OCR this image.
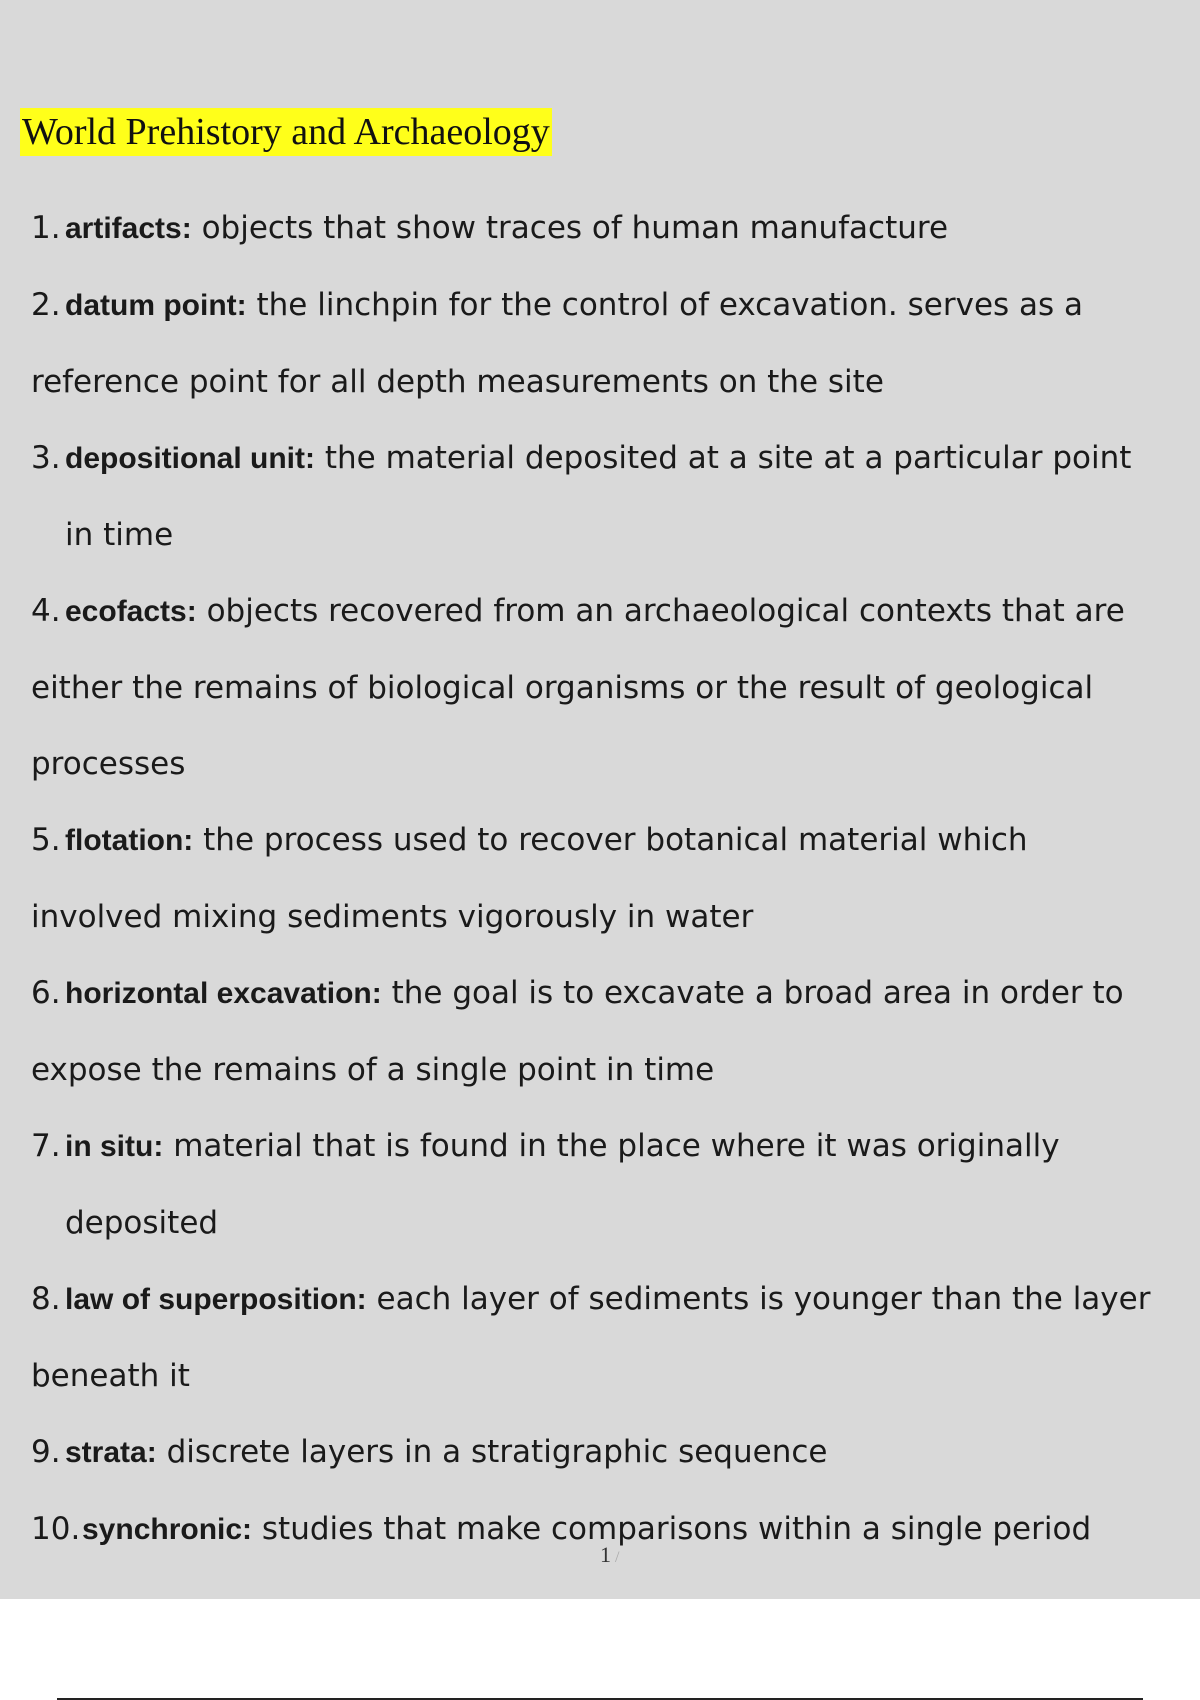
World Prehistory and Archaeology
1. artifacts: objects that show traces of human manufacture
2. datum point: the linchpin for the control of excavation. serves as a
reference point for all depth measurements on the site
3. depositional unit: the material deposited at a site at a particular point
in time
4. ecofacts: objects recovered from an archaeological contexts that are
either the remains of biological organisms or the result of geological
processes
5. flotation: the process used to recover botanical material which
involved mixing sediments vigorously in water
6. horizontal excavation: the goal is to excavate a broad area in order to
expose the remains of a single point in time
7. in situ: material that is found in the place where it was originally
deposited
8. law of superposition: each layer of sediments is younger than the layer
beneath it
9. strata: discrete layers in a stratigraphic sequence
10.synchronic: studies that make comparisons within a single period
1 /
